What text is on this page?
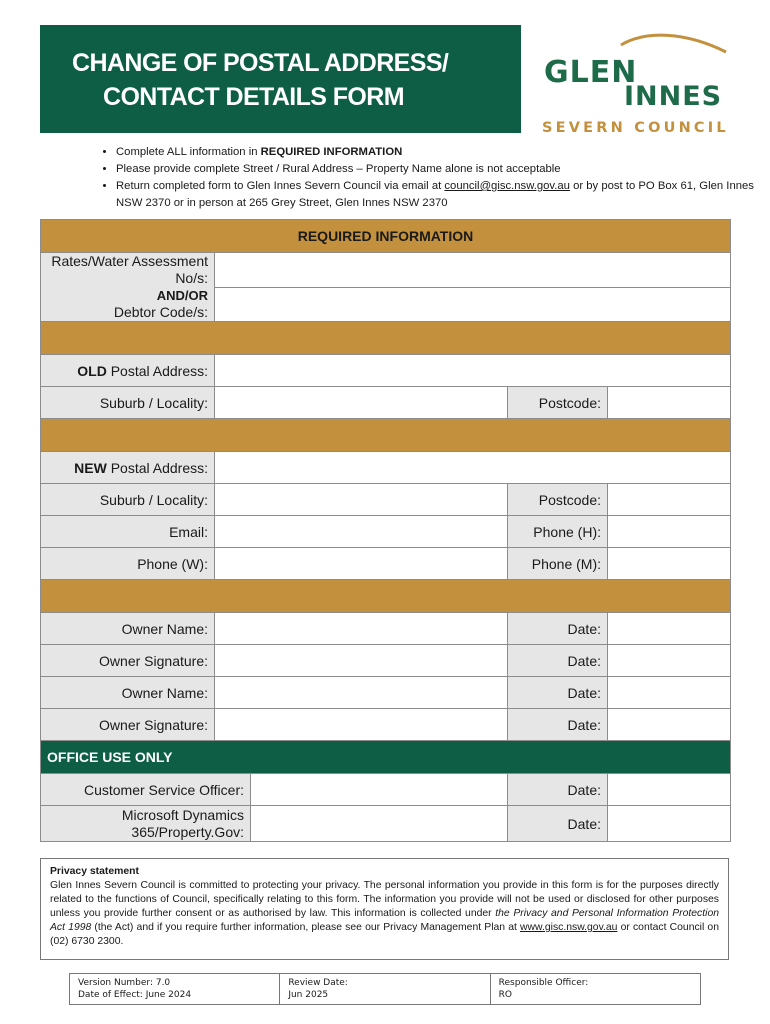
CHANGE OF POSTAL ADDRESS/
CONTACT DETAILS FORM
GLEN
INNES
SEVERN COUNCIL
• Complete ALL information in REQUIRED INFORMATION
• Please provide complete Street / Rural Address – Property Name alone is not acceptable
• Return completed form to Glen Innes Severn Council via email at council@gisc.nsw.gov.au or by post to PO Box 61, Glen Innes NSW 2370 or in person at 265 Grey Street, Glen Innes NSW 2370
REQUIRED INFORMATION				

Rates/Water Assessment No/s:
AND/OR
Debtor Code/s:				

OLD Postal Address:				
Suburb / Locality:			Postcode:	

NEW Postal Address:				
Suburb / Locality:			Postcode:	
Email:			Phone (H):	
Phone (W):			Phone (M):	

Owner Name:			Date:	
Owner Signature:			Date:	
Owner Name:			Date:	
Owner Signature:			Date:	
OFFICE USE ONLY				
Customer Service Officer:			Date:	
Microsoft Dynamics 365/Property.Gov:			Date:	
Privacy statement
Glen Innes Severn Council is committed to protecting your privacy. The personal information you provide in this form is for the purposes directly related to the functions of Council, specifically relating to this form. The information you provide will not be used or disclosed for other purposes unless you provide further consent or as authorised by law. This information is collected under the Privacy and Personal Information Protection Act 1998 (the Act) and if you require further information, please see our Privacy Management Plan at www.gisc.nsw.gov.au or contact Council on (02) 6730 2300.
Version Number: 7.0
Date of Effect: June 2024

Review Date:
Jun 2025

Responsible Officer:
RO
